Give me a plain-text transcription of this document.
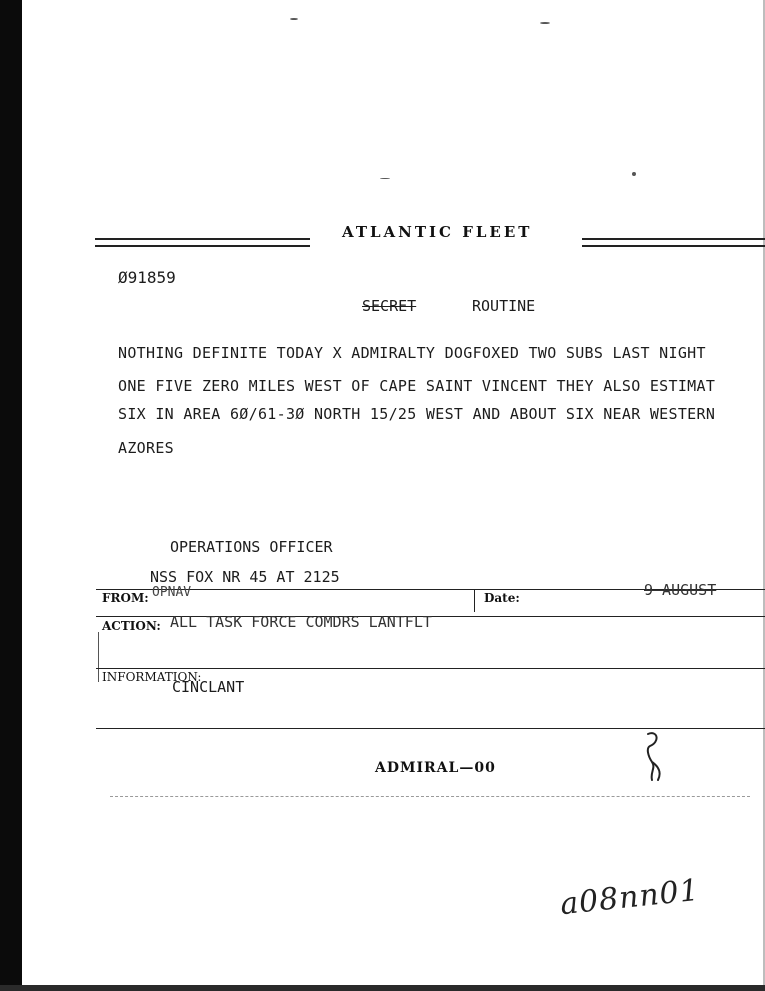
ATLANTIC FLEET
Ø91859
SECRET	ROUTINE
NOTHING DEFINITE TODAY X ADMIRALTY DOGFOXED TWO SUBS LAST NIGHT
ONE FIVE ZERO MILES WEST OF CAPE SAINT VINCENT THEY ALSO ESTIMAT
SIX IN AREA 6Ø/61-3Ø NORTH 15/25 WEST AND ABOUT SIX NEAR WESTERN
AZORES
OPERATIONS OFFICER
NSS FOX NR 45 AT 2125
FROM: OPNAV	Date:	9 AUGUST
ACTION: ALL TASK FORCE COMDRS LANTFLT
INFORMATION:
CINCLANT
ADMIRAL—00
a08nn01
